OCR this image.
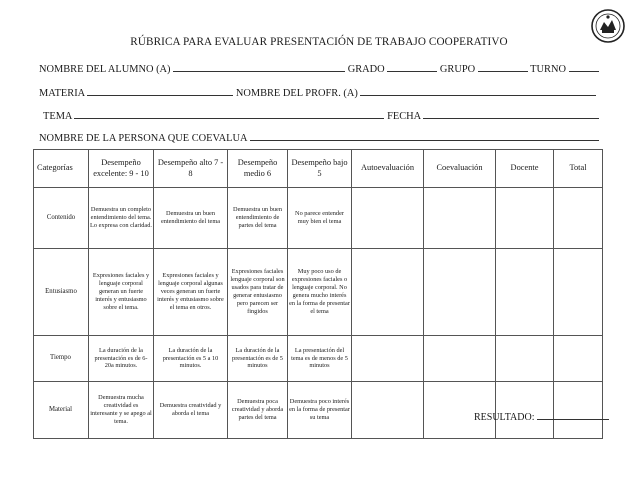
RÚBRICA PARA EVALUAR PRESENTACIÓN DE TRABAJO COOPERATIVO
NOMBRE DEL ALUMNO (A)	GRADO	GRUPO	TURNO
MATERIA	NOMBRE DEL PROFR. (A)
TEMA	FECHA
NOMBRE DE LA PERSONA QUE COEVALUA
Categorías	Desempeño excelente: 9 - 10	Desempeño alto 7 - 8	Desempeño medio 6	Desempeño bajo 5	Autoevaluación	Coevaluación	Docente	Total
Contenido	Demuestra un completo entendimiento del tema. Lo expresa con claridad.	Demuestra un buen entendimiento del tema	Demuestra un buen entendimiento de partes del tema	No parece entender muy bien el tema				
Entusiasmo	Expresiones faciales y lenguaje corporal generan un fuerte interés y entusiasmo sobre el tema.	Expresiones faciales y lenguaje corporal algunas veces generan un fuerte interés y entusiasmo sobre el tema en otros.	Expresiones faciales lenguaje corporal son usados para tratar de generar entusiasmo pero parecen ser fingidos	Muy poco uso de expresiones faciales o lenguaje corporal. No genera mucho interés en la forma de presentar el tema				
Tiempo	La duración de la presentación es de 6-20a minutos.	La duración de la presentación es 5 a 10 minutos.	La duración de la presentación es de 5 minutos	La presentación del tema es de menos de 5 minutos				
Material	Demuestra mucha creatividad es interesante y se apego al tema.	Demuestra creatividad y aborda el tema	Demuestra poca creatividad y aborda partes del tema	Demuestra poco interés en la forma de presentar su tema					RESULTADO:
